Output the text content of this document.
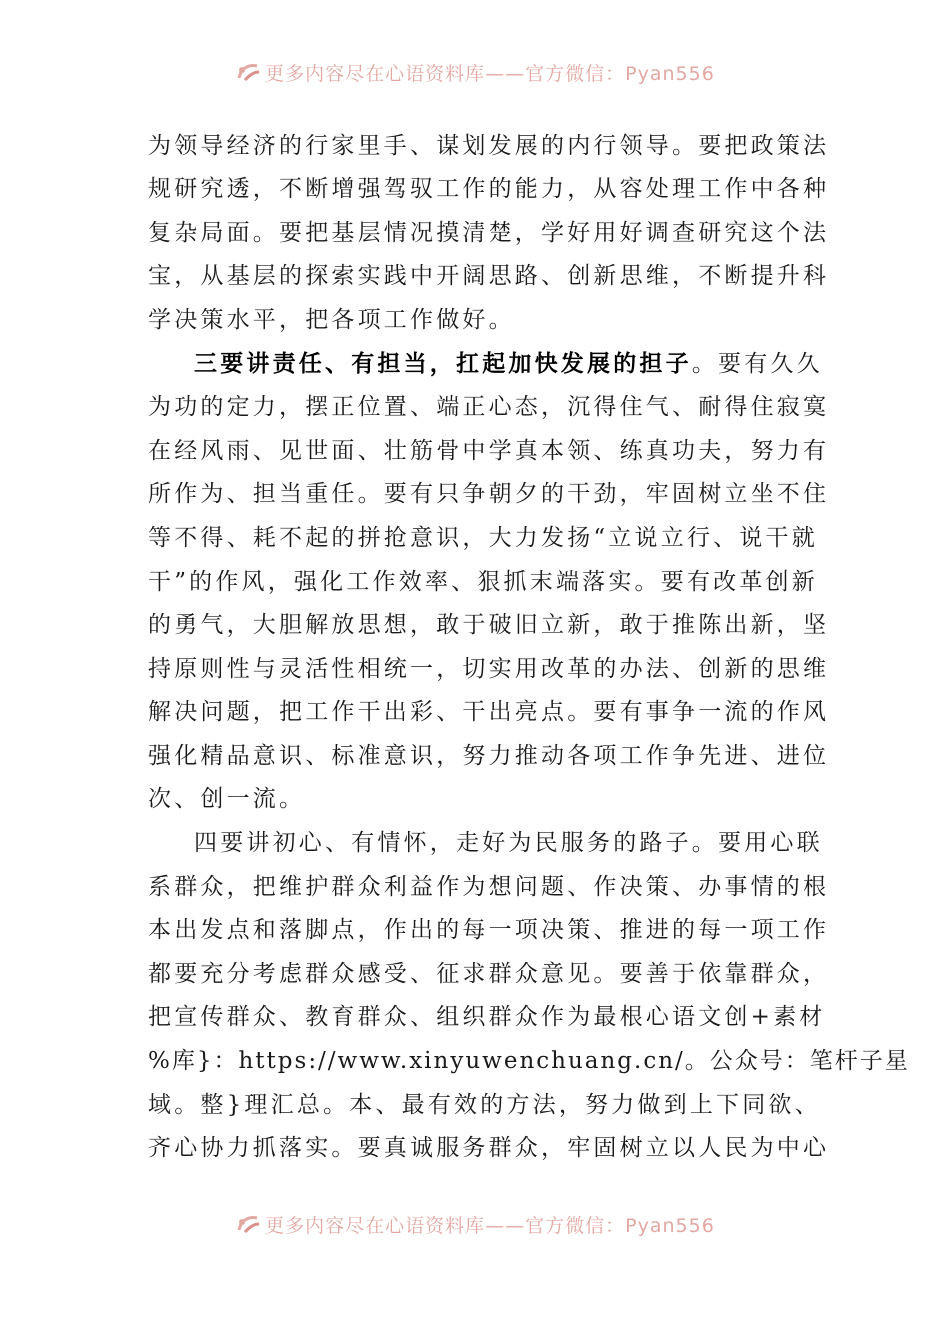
更多内容尽在心语资料库——官方微信：Pyan556
为领导经济的行家里手、谋划发展的内行领导。要把政策法
规研究透，不断增强驾驭工作的能力，从容处理工作中各种
复杂局面。要把基层情况摸清楚，学好用好调查研究这个法
宝，从基层的探索实践中开阔思路、创新思维，不断提升科
学决策水平，把各项工作做好。
三要讲责任、有担当，扛起加快发展的担子。要有久久
为功的定力，摆正位置、端正心态，沉得住气、耐得住寂寞
在经风雨、见世面、壮筋骨中学真本领、练真功夫，努力有
所作为、担当重任。要有只争朝夕的干劲，牢固树立坐不住
等不得、耗不起的拼抢意识，大力发扬“立说立行、说干就
干”的作风，强化工作效率、狠抓末端落实。要有改革创新
的勇气，大胆解放思想，敢于破旧立新，敢于推陈出新，坚
持原则性与灵活性相统一，切实用改革的办法、创新的思维
解决问题，把工作干出彩、干出亮点。要有事争一流的作风
强化精品意识、标准意识，努力推动各项工作争先进、进位
次、创一流。
四要讲初心、有情怀，走好为民服务的路子。要用心联
系群众，把维护群众利益作为想问题、作决策、办事情的根
本出发点和落脚点，作出的每一项决策、推进的每一项工作
都要充分考虑群众感受、征求群众意见。要善于依靠群众，
把宣传群众、教育群众、组织群众作为最根心语文创+素材
%库}：https://www.xinyuwenchuang.cn/。公众号：笔杆子星
域。整}理汇总。本、最有效的方法，努力做到上下同欲、
齐心协力抓落实。要真诚服务群众，牢固树立以人民为中心
更多内容尽在心语资料库——官方微信：Pyan556
